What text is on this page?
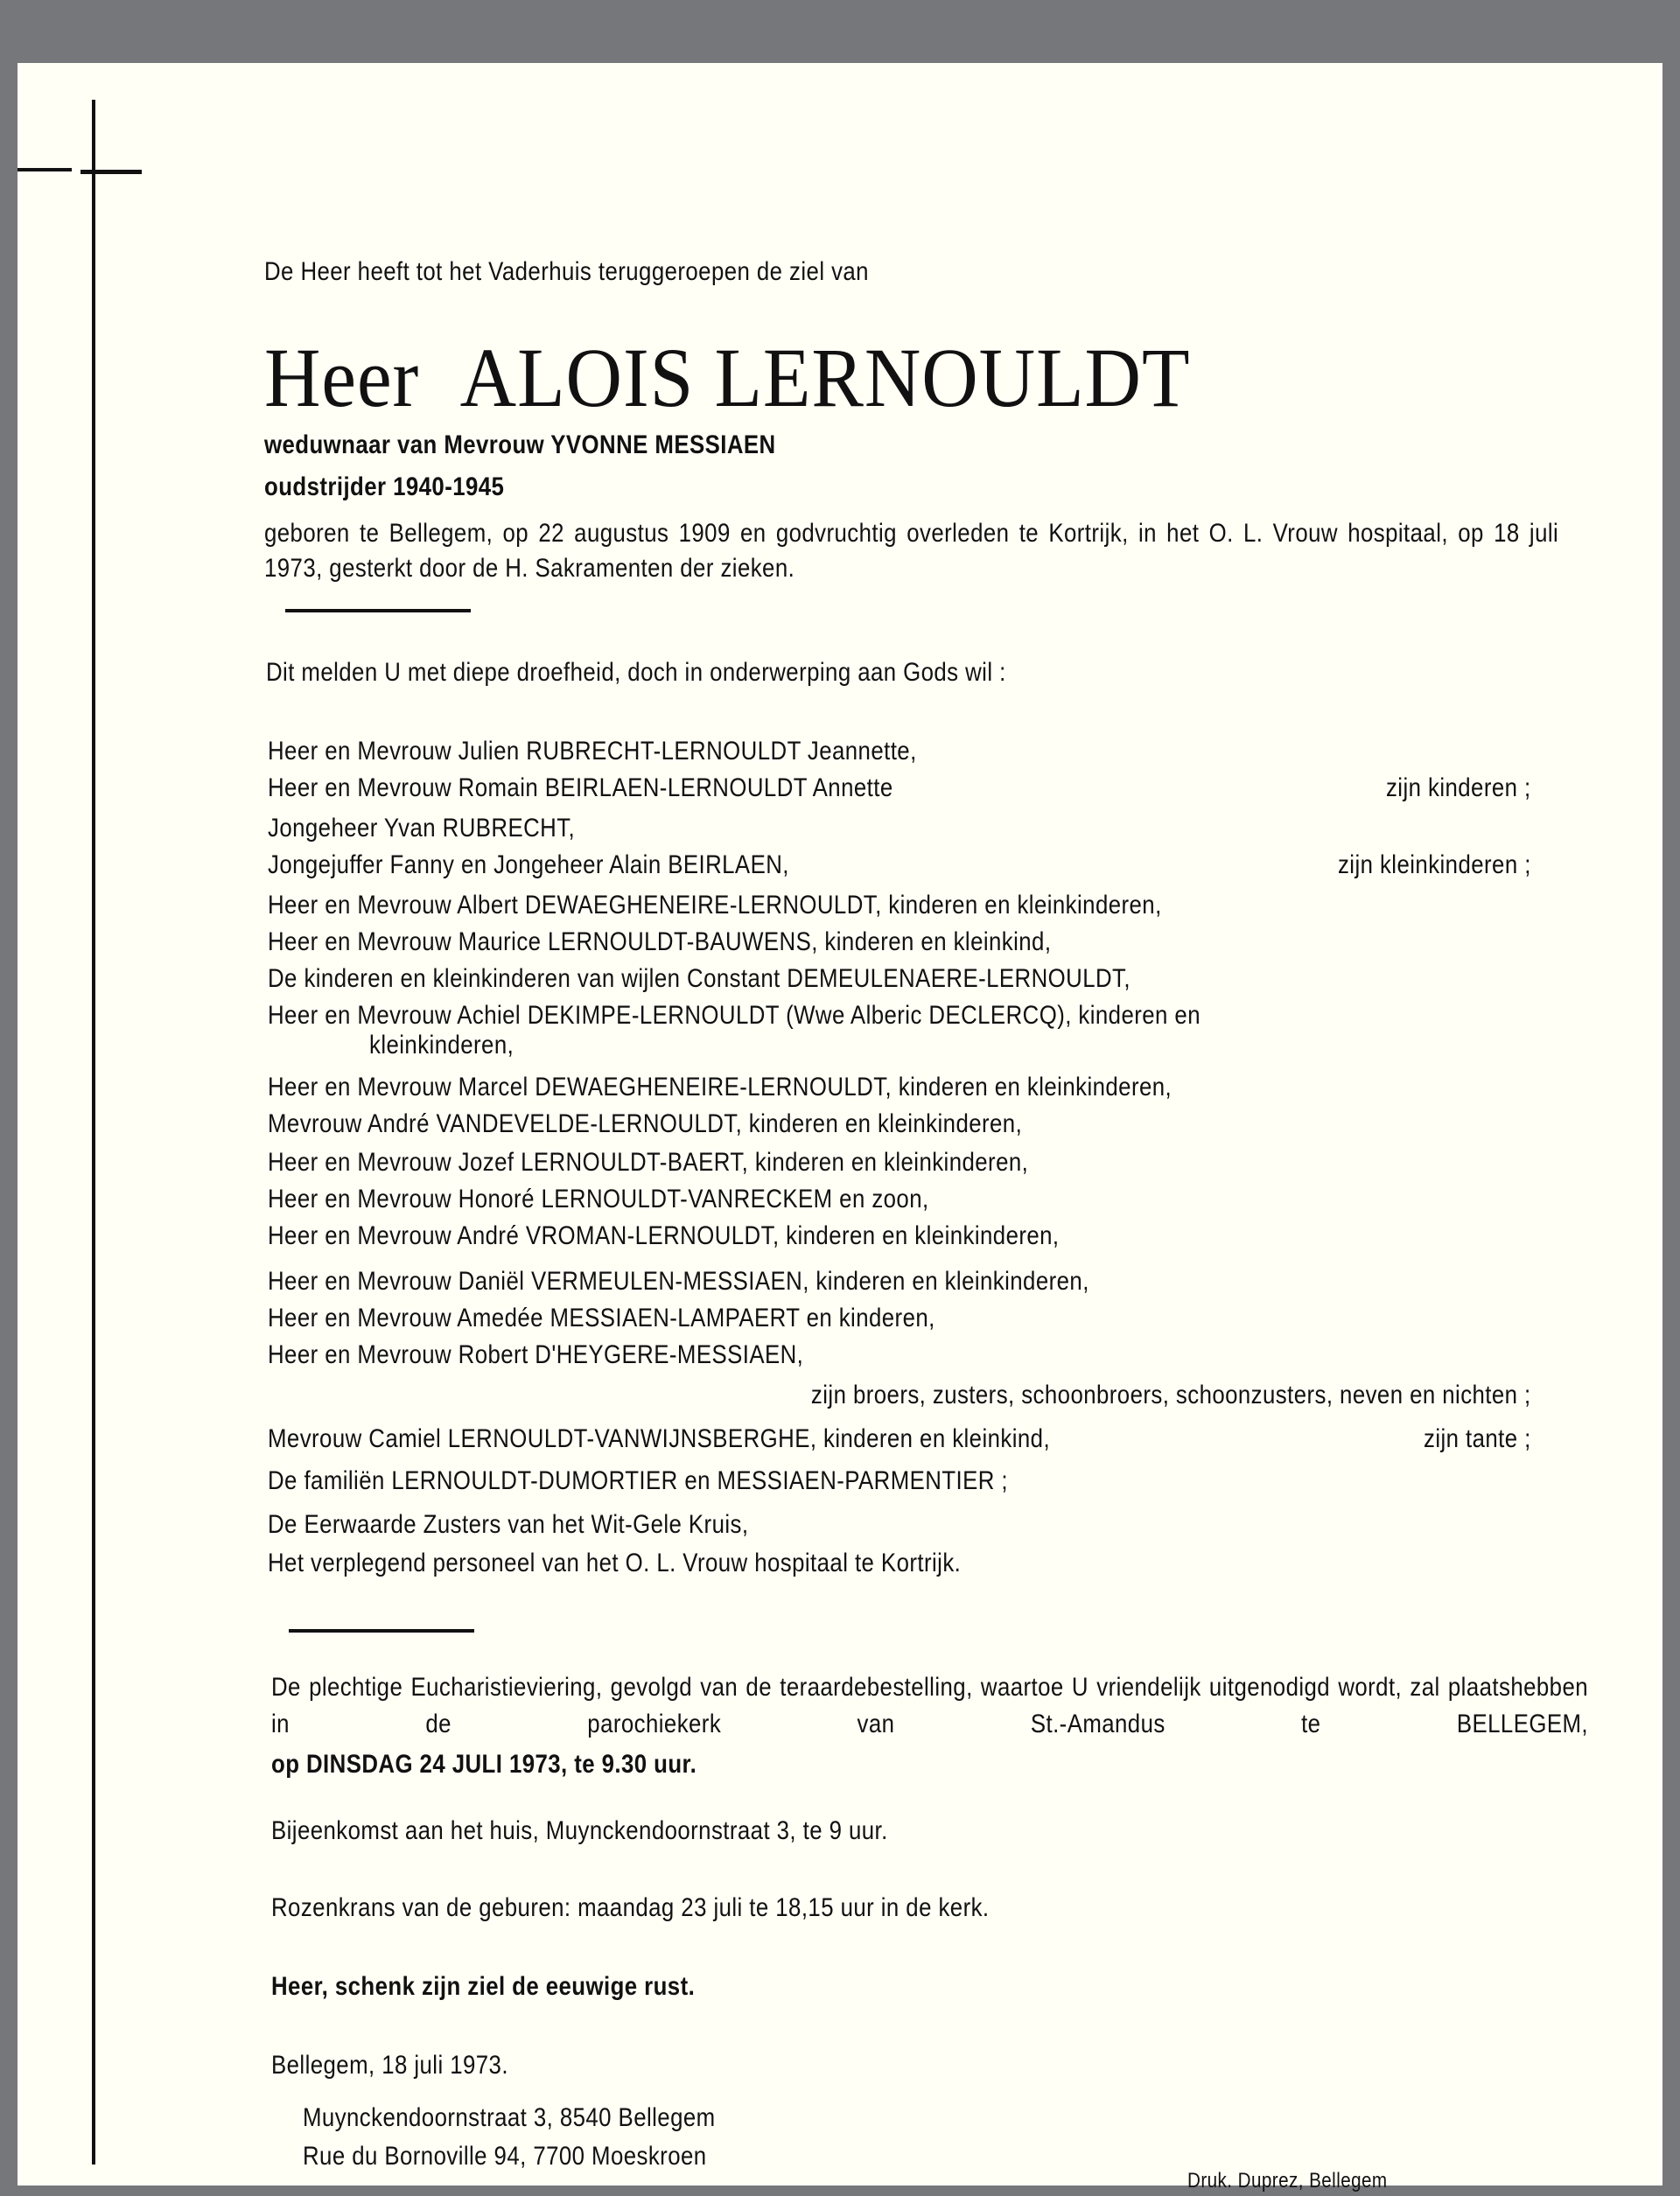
De Heer heeft tot het Vaderhuis teruggeroepen de ziel van
Heer ALOIS LERNOULDT
weduwnaar van Mevrouw YVONNE MESSIAEN
oudstrijder 1940-1945
geboren te Bellegem, op 22 augustus 1909 en godvruchtig overleden te Kortrijk, in het O. L. Vrouw hospitaal, op 18 juli 1973, gesterkt door de H. Sakramenten der zieken.
Dit melden U met diepe droefheid, doch in onderwerping aan Gods wil :
Heer en Mevrouw Julien RUBRECHT-LERNOULDT Jeannette,
Heer en Mevrouw Romain BEIRLAEN-LERNOULDT Annette	zijn kinderen ;
Jongeheer Yvan RUBRECHT,
Jongejuffer Fanny en Jongeheer Alain BEIRLAEN,	zijn kleinkinderen ;
Heer en Mevrouw Albert DEWAEGHENEIRE-LERNOULDT, kinderen en kleinkinderen,
Heer en Mevrouw Maurice LERNOULDT-BAUWENS, kinderen en kleinkind,
De kinderen en kleinkinderen van wijlen Constant DEMEULENAERE-LERNOULDT,
Heer en Mevrouw Achiel DEKIMPE-LERNOULDT (Wwe Alberic DECLERCQ), kinderen en
kleinkinderen,
Heer en Mevrouw Marcel DEWAEGHENEIRE-LERNOULDT, kinderen en kleinkinderen,
Mevrouw André VANDEVELDE-LERNOULDT, kinderen en kleinkinderen,
Heer en Mevrouw Jozef LERNOULDT-BAERT, kinderen en kleinkinderen,
Heer en Mevrouw Honoré LERNOULDT-VANRECKEM en zoon,
Heer en Mevrouw André VROMAN-LERNOULDT, kinderen en kleinkinderen,
Heer en Mevrouw Daniël VERMEULEN-MESSIAEN, kinderen en kleinkinderen,
Heer en Mevrouw Amedée MESSIAEN-LAMPAERT en kinderen,
Heer en Mevrouw Robert D'HEYGERE-MESSIAEN,
zijn broers, zusters, schoonbroers, schoonzusters, neven en nichten ;
Mevrouw Camiel LERNOULDT-VANWIJNSBERGHE, kinderen en kleinkind,	zijn tante ;
De familiën LERNOULDT-DUMORTIER en MESSIAEN-PARMENTIER ;
De Eerwaarde Zusters van het Wit-Gele Kruis,
Het verplegend personeel van het O. L. Vrouw hospitaal te Kortrijk.
De plechtige Eucharistieviering, gevolgd van de teraardebestelling, waartoe U vriendelijk uitgenodigd wordt, zal plaatshebben in de parochiekerk van St.-Amandus te BELLEGEM,
op DINSDAG 24 JULI 1973, te 9.30 uur.
Bijeenkomst aan het huis, Muynckendoornstraat 3, te 9 uur.
Rozenkrans van de geburen: maandag 23 juli te 18,15 uur in de kerk.
Heer, schenk zijn ziel de eeuwige rust.
Bellegem, 18 juli 1973.
Muynckendoornstraat 3, 8540 Bellegem
Rue du Bornoville 94, 7700 Moeskroen
Druk. Duprez, Bellegem
